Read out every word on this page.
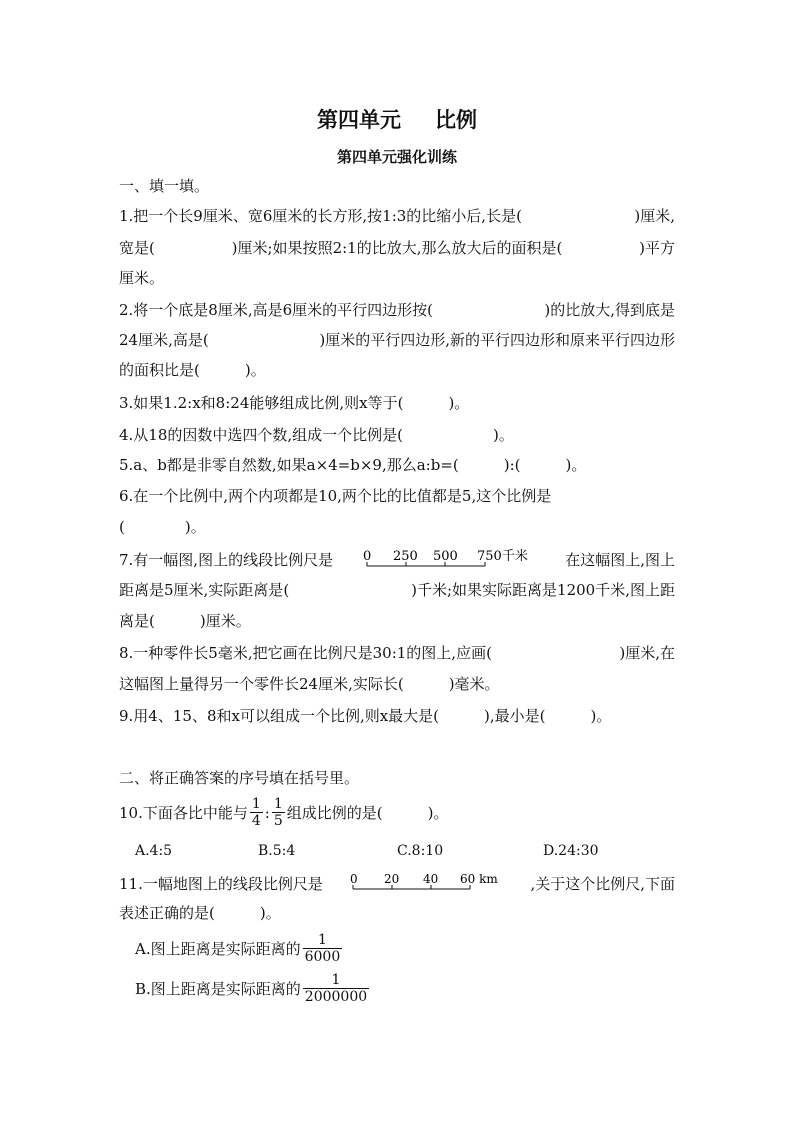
第四单元 比例
第四单元强化训练
一、填一填。
1.把一个长9厘米、宽6厘米的长方形,按1:3的比缩小后,长是(	)厘米,
宽是(	)厘米;如果按照2:1的比放大,那么放大后的面积是(	)平方
厘米。
2.将一个底是8厘米,高是6厘米的平行四边形按(	)的比放大,得到底是
24厘米,高是(	)厘米的平行四边形,新的平行四边形和原来平行四边形
的面积比是(　　　)。
3.如果1.2:x和8:24能够组成比例,则x等于(　　　)。
4.从18的因数中选四个数,组成一个比例是(　　　　　　)。
5.a、b都是非零自然数,如果a×4=b×9,那么a:b=(　　　):(　　　)。
6.在一个比例中,两个内项都是10,两个比的比值都是5,这个比例是
(　　　　)。
7.有一幅图,图上的线段比例尺是 0 250 500 750千米 在这幅图上,图上
距离是5厘米,实际距离是(	)千米;如果实际距离是1200千米,图上距
离是(　　　)厘米。
8.一种零件长5毫米,把它画在比例尺是30:1的图上,应画(	)厘米,在
这幅图上量得另一个零件长24厘米,实际长(　　　)毫米。
9.用4、15、8和x可以组成一个比例,则x最大是(　　　),最小是(　　　)。
二、将正确答案的序号填在括号里。
10.下面各比中能与 $\frac{1}{4}$ : $\frac{1}{5}$ 组成比例的是(　　　)。
A.4:5	B.5:4	C.8:10	D.24:30
11.一幅地图上的线段比例尺是 0 20 40 60 km ,关于这个比例尺,下面
表述正确的是(　　　)。
A.图上距离是实际距离的 $\frac{1}{6000}$
B.图上距离是实际距离的 $\frac{1}{2000000}$
